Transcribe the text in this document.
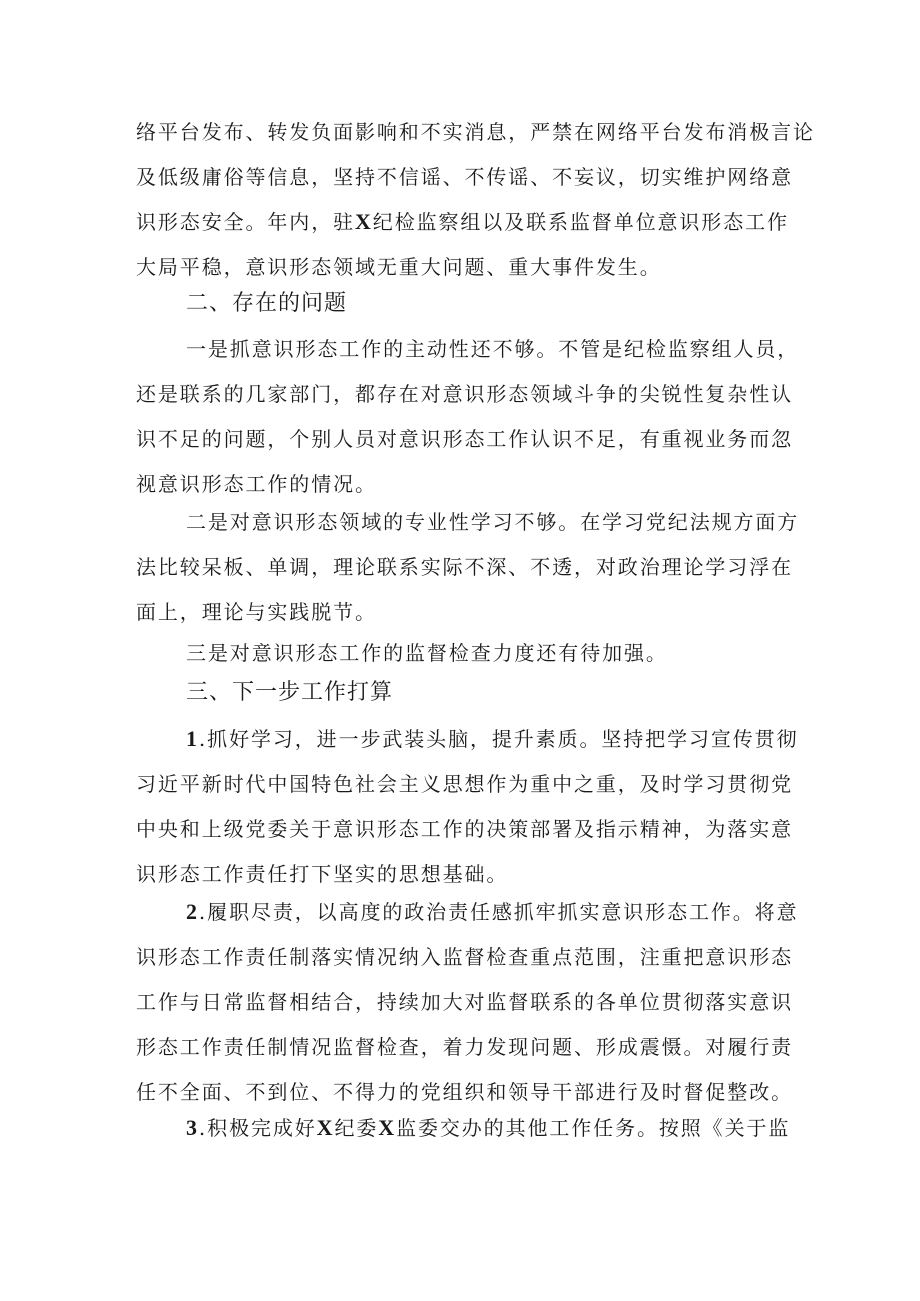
络平台发布、转发负面影响和不实消息，严禁在网络平台发布消极言论
及低级庸俗等信息，坚持不信谣、不传谣、不妄议，切实维护网络意
识形态安全。年内，驻X纪检监察组以及联系监督单位意识形态工作
大局平稳，意识形态领域无重大问题、重大事件发生。
二、存在的问题
一是抓意识形态工作的主动性还不够。不管是纪检监察组人员，
还是联系的几家部门，都存在对意识形态领域斗争的尖锐性复杂性认
识不足的问题，个别人员对意识形态工作认识不足，有重视业务而忽
视意识形态工作的情况。
二是对意识形态领域的专业性学习不够。在学习党纪法规方面方
法比较呆板、单调，理论联系实际不深、不透，对政治理论学习浮在
面上，理论与实践脱节。
三是对意识形态工作的监督检查力度还有待加强。
三、下一步工作打算
1.抓好学习，进一步武装头脑，提升素质。坚持把学习宣传贯彻
习近平新时代中国特色社会主义思想作为重中之重，及时学习贯彻党
中央和上级党委关于意识形态工作的决策部署及指示精神，为落实意
识形态工作责任打下坚实的思想基础。
2.履职尽责，以高度的政治责任感抓牢抓实意识形态工作。将意
识形态工作责任制落实情况纳入监督检查重点范围，注重把意识形态
工作与日常监督相结合，持续加大对监督联系的各单位贯彻落实意识
形态工作责任制情况监督检查，着力发现问题、形成震慑。对履行责
任不全面、不到位、不得力的党组织和领导干部进行及时督促整改。
3.积极完成好X纪委X监委交办的其他工作任务。按照《关于监
